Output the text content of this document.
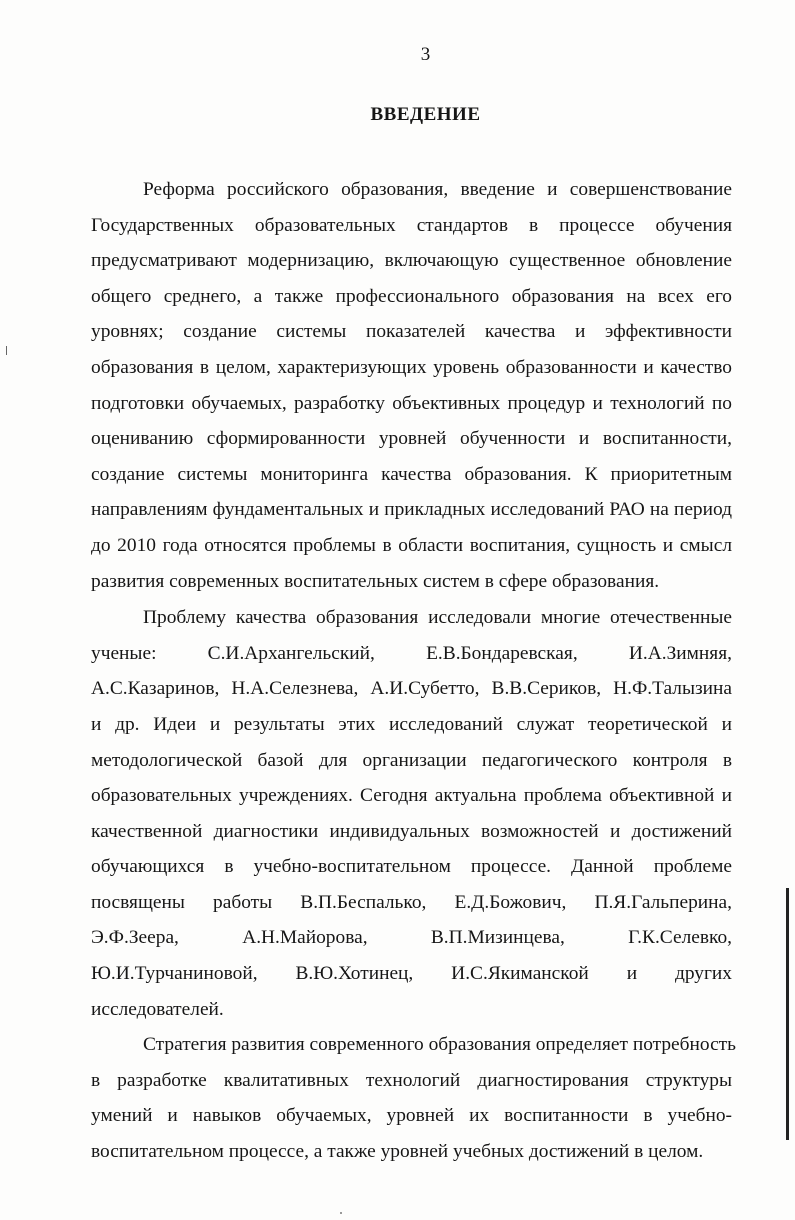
3
ВВЕДЕНИЕ
Реформа российского образования, введение и совершенствование
Государственных образовательных стандартов в процессе обучения
предусматривают модернизацию, включающую существенное обновление
общего среднего, а также профессионального образования на всех его
уровнях; создание системы показателей качества и эффективности
образования в целом, характеризующих уровень образованности и качество
подготовки обучаемых, разработку объективных процедур и технологий по
оцениванию сформированности уровней обученности и воспитанности,
создание системы мониторинга качества образования. К приоритетным
направлениям фундаментальных и прикладных исследований РАО на период
до 2010 года относятся проблемы в области воспитания, сущность и смысл
развития современных воспитательных систем в сфере образования.
Проблему качества образования исследовали многие отечественные
ученые: С.И.Архангельский, Е.В.Бондаревская, И.А.Зимняя,
А.С.Казаринов, Н.А.Селезнева, А.И.Субетто, В.В.Сериков, Н.Ф.Талызина
и др. Идеи и результаты этих исследований служат теоретической и
методологической базой для организации педагогического контроля в
образовательных учреждениях. Сегодня актуальна проблема объективной и
качественной диагностики индивидуальных возможностей и достижений
обучающихся в учебно-воспитательном процессе. Данной проблеме
посвящены работы В.П.Беспалько, Е.Д.Божович, П.Я.Гальперина,
Э.Ф.Зеера, А.Н.Майорова, В.П.Мизинцева, Г.К.Селевко,
Ю.И.Турчаниновой, В.Ю.Хотинец, И.С.Якиманской и других
исследователей.
Стратегия развития современного образования определяет потребность
в разработке квалитативных технологий диагностирования структуры
умений и навыков обучаемых, уровней их воспитанности в учебно-
воспитательном процессе, а также уровней учебных достижений в целом.
